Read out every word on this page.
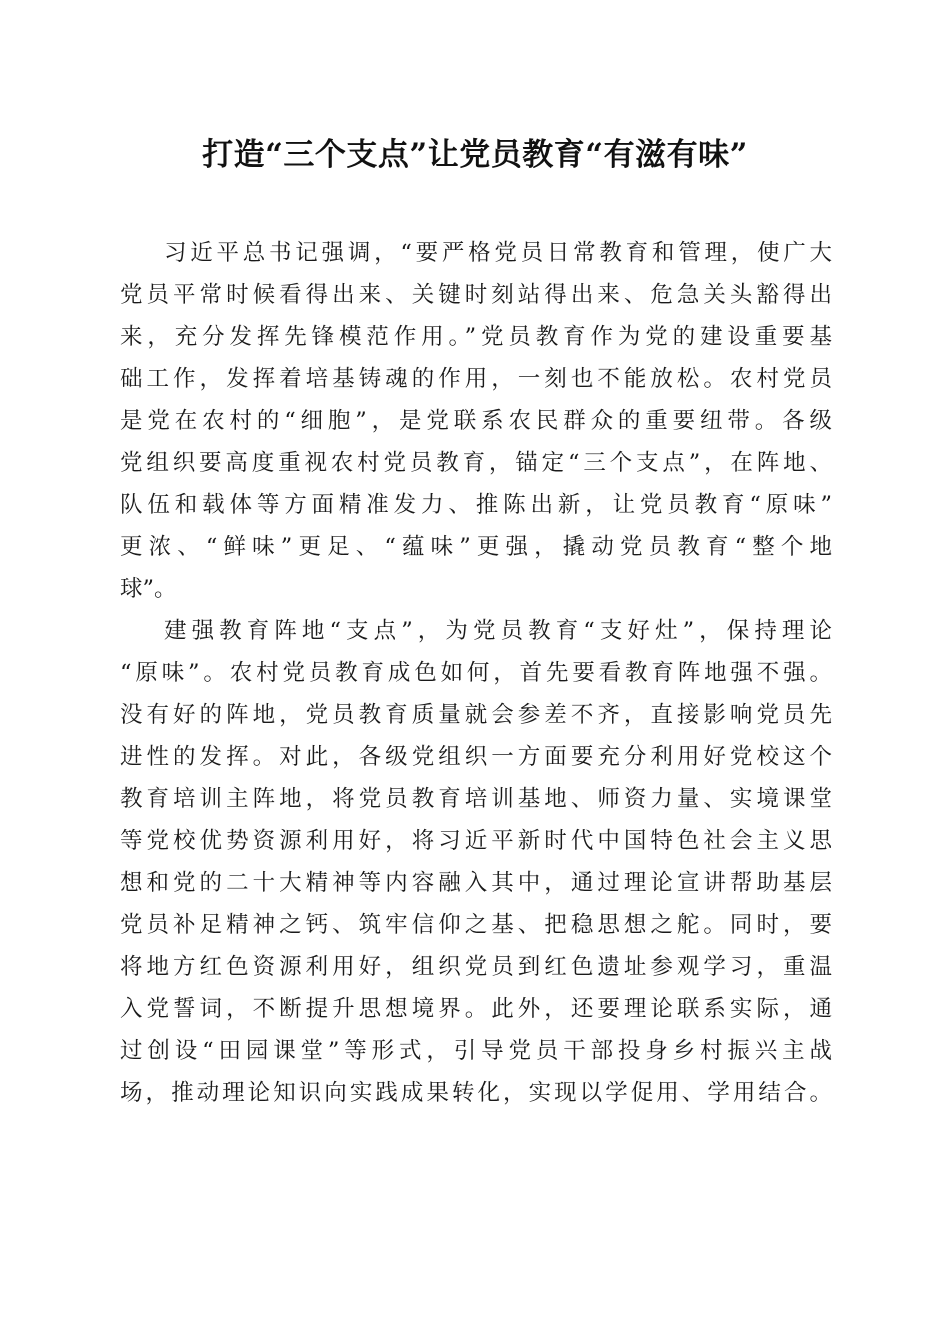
打造“三个支点”让党员教育“有滋有味”
习近平总书记强调，“要严格党员日常教育和管理，使广大
党员平常时候看得出来、关键时刻站得出来、危急关头豁得出
来，充分发挥先锋模范作用。”党员教育作为党的建设重要基
础工作，发挥着培基铸魂的作用，一刻也不能放松。农村党员
是党在农村的“细胞”，是党联系农民群众的重要纽带。各级
党组织要高度重视农村党员教育，锚定“三个支点”，在阵地、
队伍和载体等方面精准发力、推陈出新，让党员教育“原味”
更浓、“鲜味”更足、“蕴味”更强，撬动党员教育“整个地
球”。
建强教育阵地“支点”，为党员教育“支好灶”，保持理论
“原味”。农村党员教育成色如何，首先要看教育阵地强不强。
没有好的阵地，党员教育质量就会参差不齐，直接影响党员先
进性的发挥。对此，各级党组织一方面要充分利用好党校这个
教育培训主阵地，将党员教育培训基地、师资力量、实境课堂
等党校优势资源利用好，将习近平新时代中国特色社会主义思
想和党的二十大精神等内容融入其中，通过理论宣讲帮助基层
党员补足精神之钙、筑牢信仰之基、把稳思想之舵。同时，要
将地方红色资源利用好，组织党员到红色遗址参观学习，重温
入党誓词，不断提升思想境界。此外，还要理论联系实际，通
过创设“田园课堂”等形式，引导党员干部投身乡村振兴主战
场，推动理论知识向实践成果转化，实现以学促用、学用结合。
